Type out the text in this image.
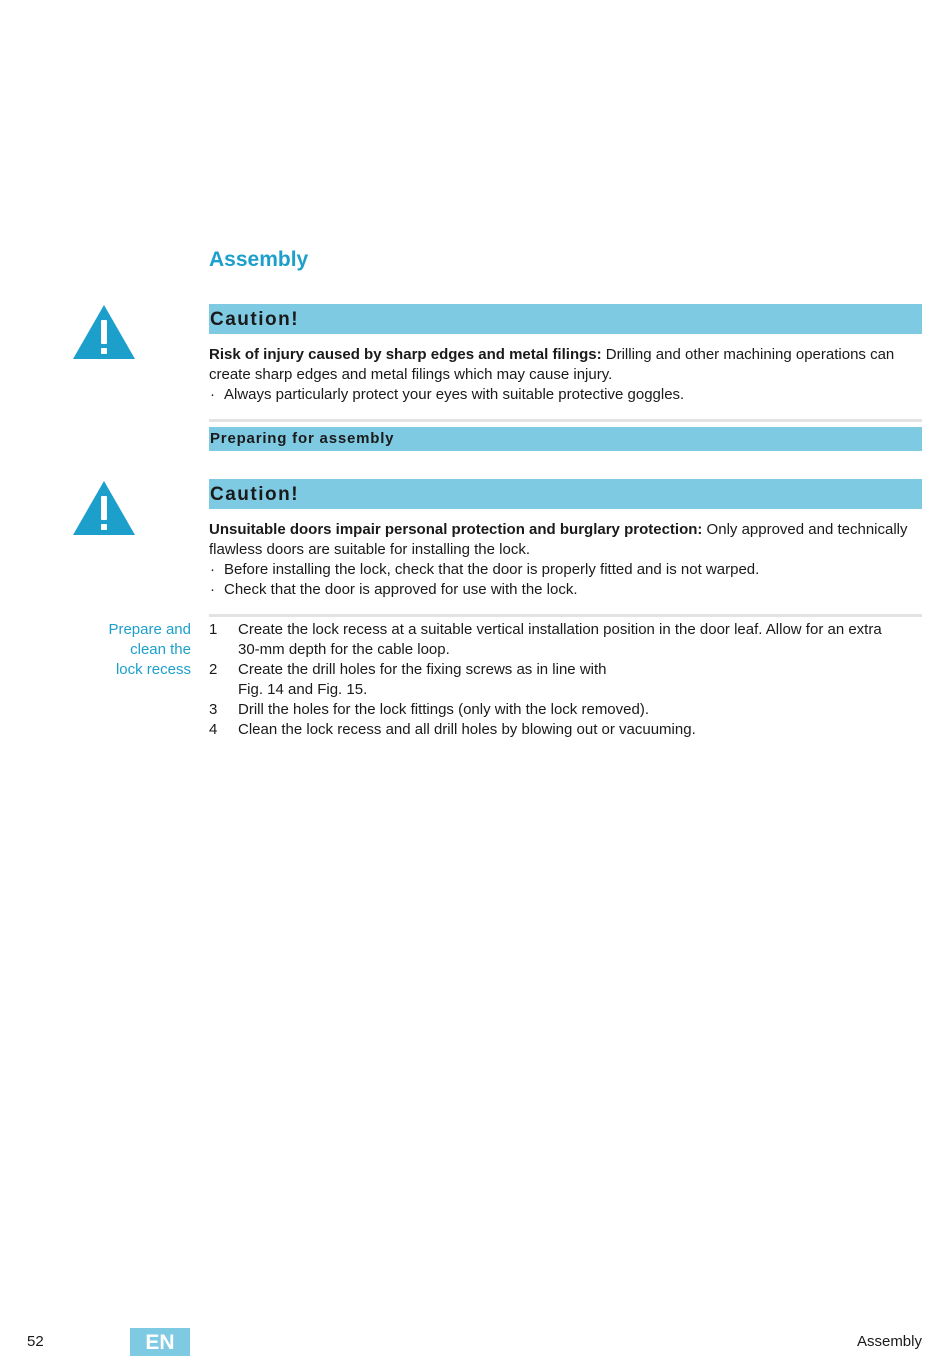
Assembly
Caution!
Risk of injury caused by sharp edges and metal filings: Drilling and other machining operations can create sharp edges and metal filings which may cause injury.
· Always particularly protect your eyes with suitable protective goggles.
Preparing for assembly
Caution!
Unsuitable doors impair personal protection and burglary protection: Only approved and technically flawless doors are suitable for installing the lock.
· Before installing the lock, check that the door is properly fitted and is not warped.
· Check that the door is approved for use with the lock.
Prepare and
clean the
lock recess
1	Create the lock recess at a suitable vertical installation position in the door leaf. Allow for an extra
30-mm depth for the cable loop.
2	Create the drill holes for the fixing screws as in line with
Fig. 14 and Fig. 15.
3	Drill the holes for the lock fittings (only with the lock removed).
4	Clean the lock recess and all drill holes by blowing out or vacuuming.
52	EN	Assembly
